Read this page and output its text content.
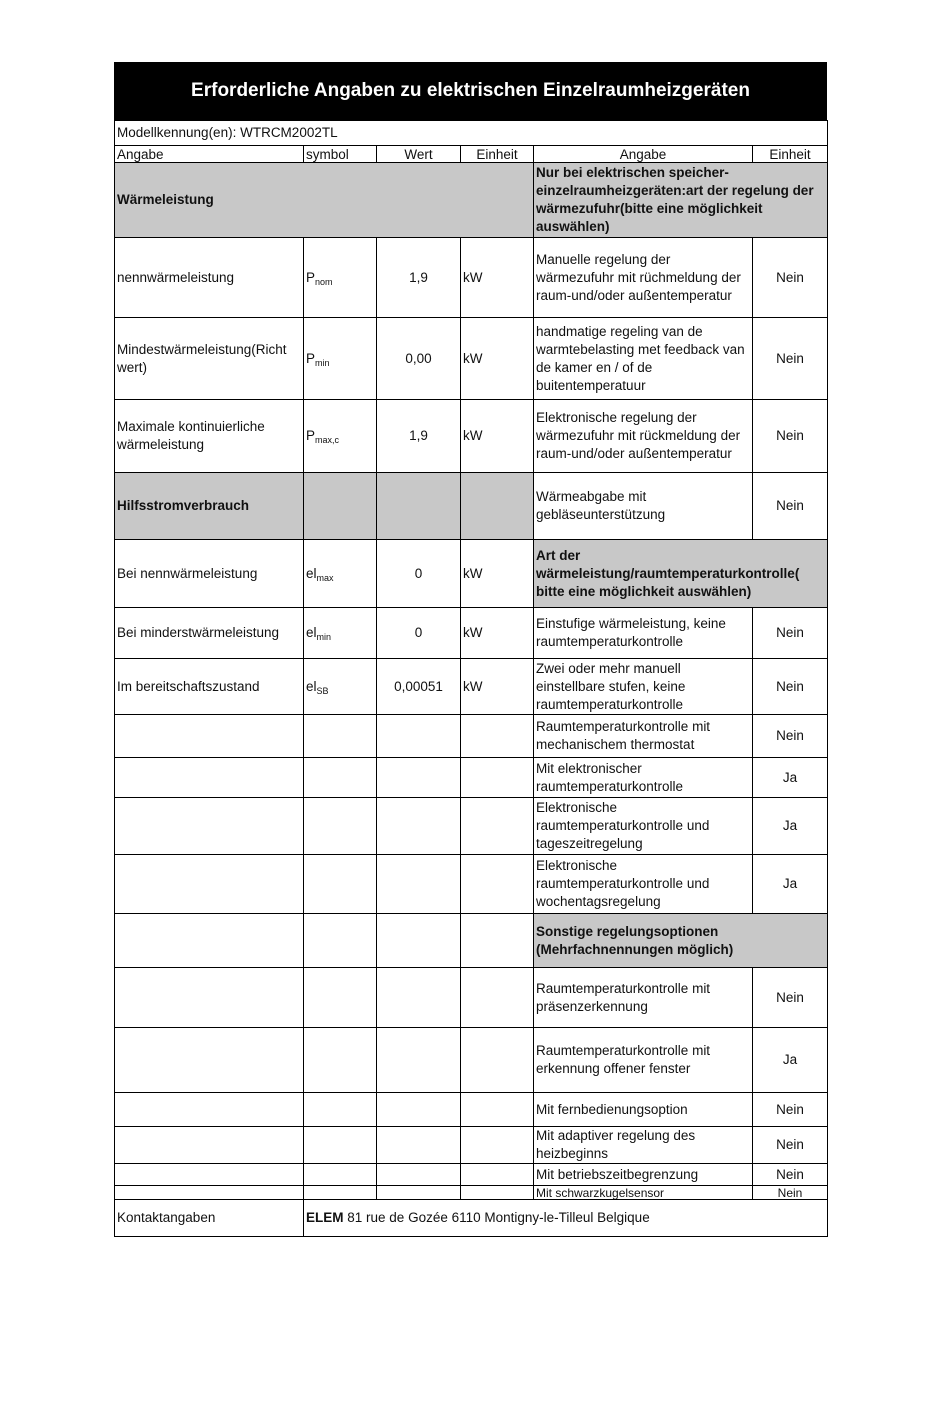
Erforderliche Angaben zu elektrischen Einzelraumheizgeräten
Modellkennung(en): WTRCM2002TL					
Angabe	symbol	Wert	Einheit	Angabe	Einheit
Wärmeleistung				Nur bei elektrischen speicher-einzelraumheizgeräten:art der regelung der wärmezufuhr(bitte eine möglichkeit auswählen)	
nennwärmeleistung	$P_{nom}$	1,9	kW	Manuelle regelung der wärmezufuhr mit rüchmeldung der raum-und/oder außentemperatur	Nein
Mindestwärmeleistung(Richt wert)	$P_{min}$	0,00	kW	handmatige regeling van de warmtebelasting met feedback van de kamer en / of de buitentemperatuur	Nein
Maximale kontinuierliche wärmeleistung	$P_{max,c}$	1,9	kW	Elektronische regelung der wärmezufuhr mit rückmeldung der raum-und/oder außentemperatur	Nein
Hilfsstromverbrauch				Wärmeabgabe mit gebläseunterstützung	Nein
Bei nennwärmeleistung	$el_{max}$	0	kW	Art der wärmeleistung/raumtemperaturkontrolle( bitte eine möglichkeit auswählen)	
Bei minderstwärmeleistung	$el_{min}$	0	kW	Einstufige wärmeleistung, keine raumtemperaturkontrolle	Nein
Im bereitschaftszustand	$el_{SB}$	0,00051	kW	Zwei oder mehr manuell einstellbare stufen, keine raumtemperaturkontrolle	Nein
				Raumtemperaturkontrolle mit mechanischem thermostat	Nein
				Mit elektronischer raumtemperaturkontrolle	Ja
				Elektronische raumtemperaturkontrolle und tageszeitregelung	Ja
				Elektronische raumtemperaturkontrolle und wochentagsregelung	Ja
				Sonstige regelungsoptionen (Mehrfachnennungen möglich)	
				Raumtemperaturkontrolle mit präsenzerkennung	Nein
				Raumtemperaturkontrolle mit erkennung offener fenster	Ja
				Mit fernbedienungsoption	Nein
				Mit adaptiver regelung des heizbeginns	Nein
				Mit betriebszeitbegrenzung	Nein
				Mit schwarzkugelsensor	Nein
Kontaktangaben	ELEM 81 rue de Gozée 6110 Montigny-le-Tilleul Belgique				
